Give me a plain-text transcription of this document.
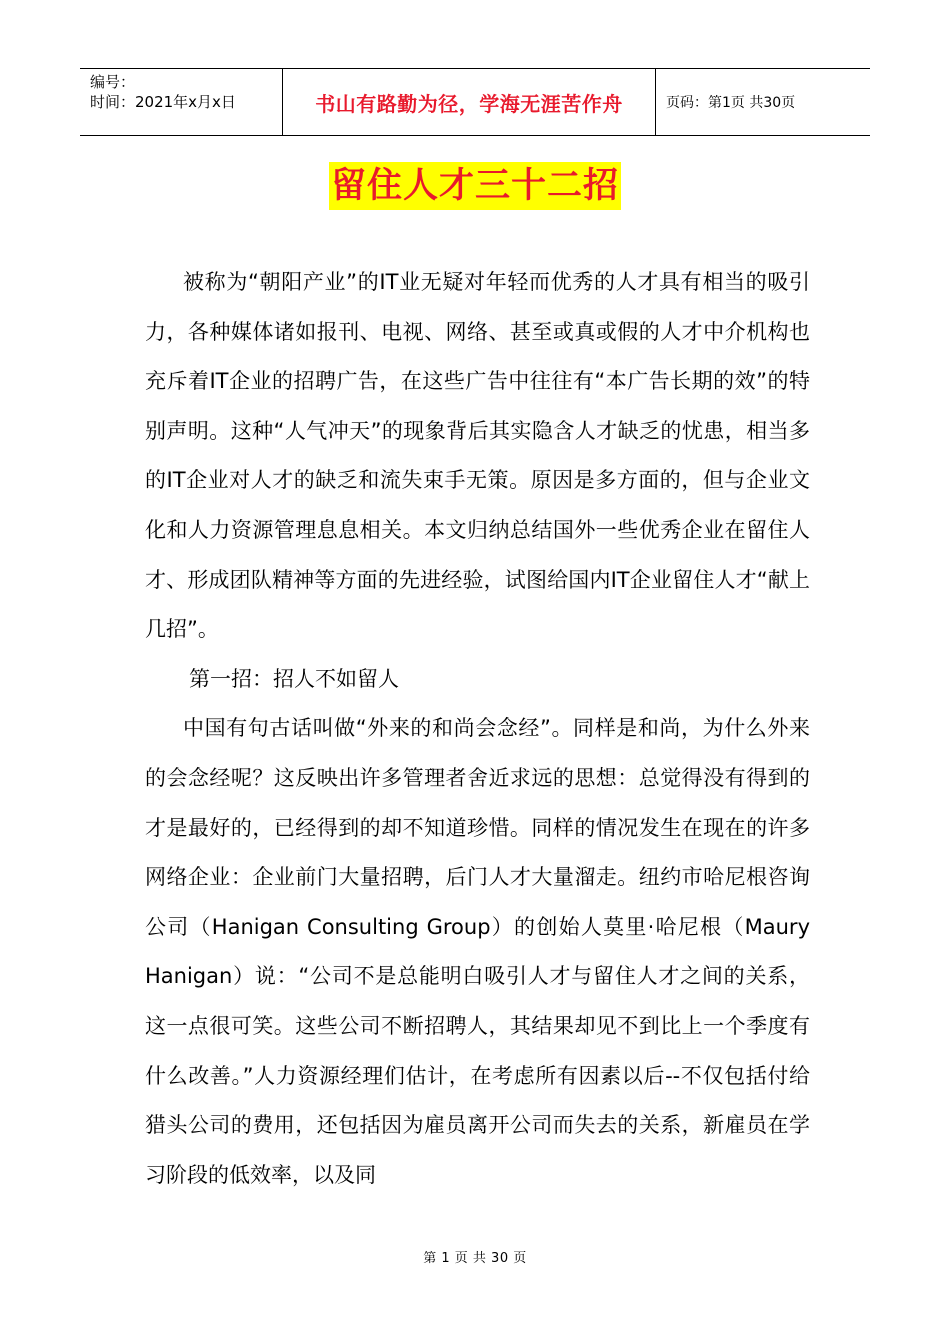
编号：
时间：2021年x月x日	书山有路勤为径，学海无涯苦作舟	页码：第1页 共30页
留住人才三十二招

被称为“朝阳产业”的IT业无疑对年轻而优秀的人才具有相当的吸引力，各种媒体诸如报刊、电视、网络、甚至或真或假的人才中介机构也充斥着IT企业的招聘广告，在这些广告中往往有“本广告长期的效”的特别声明。这种“人气冲天”的现象背后其实隐含人才缺乏的忧患，相当多的IT企业对人才的缺乏和流失束手无策。原因是多方面的，但与企业文化和人力资源管理息息相关。本文归纳总结国外一些优秀企业在留住人才、形成团队精神等方面的先进经验，试图给国内IT企业留住人才“献上几招”。

第一招：招人不如留人

中国有句古话叫做“外来的和尚会念经”。同样是和尚，为什么外来的会念经呢？这反映出许多管理者舍近求远的思想：总觉得没有得到的才是最好的，已经得到的却不知道珍惜。同样的情况发生在现在的许多网络企业：企业前门大量招聘，后门人才大量溜走。纽约市哈尼根咨询公司（Hanigan Consulting Group）的创始人莫里·哈尼根（Maury Hanigan）说：“公司不是总能明白吸引人才与留住人才之间的关系，这一点很可笑。这些公司不断招聘人，其结果却见不到比上一个季度有什么改善。”人力资源经理们估计，在考虑所有因素以后--不仅包括付给猎头公司的费用，还包括因为雇员离开公司而失去的关系，新雇员在学习阶段的低效率，以及同

第 1 页 共 30 页
